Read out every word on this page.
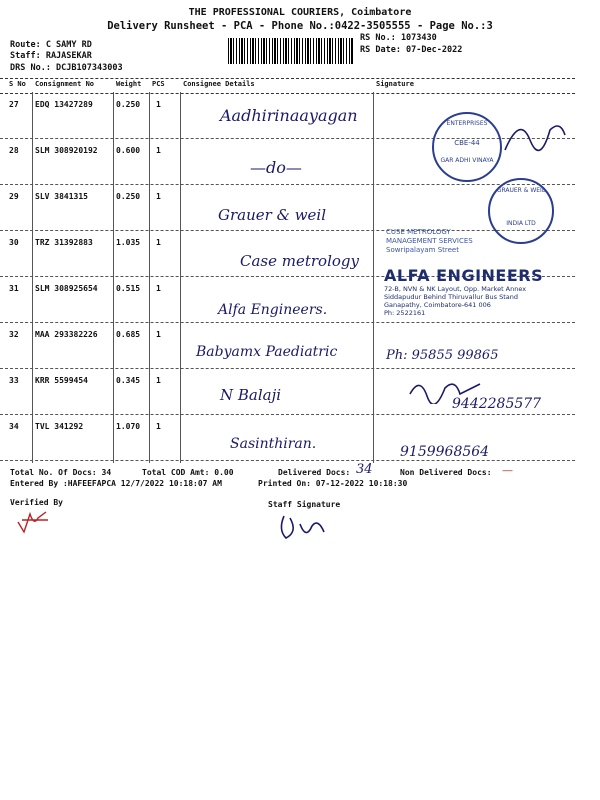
THE PROFESSIONAL COURIERS, Coimbatore
Delivery Runsheet - PCA - Phone No.:0422-3505555 - Page No.:3
Route: C SAMY RD
Staff: RAJASEKAR
DRS No.: DCJB107343003
RS No.: 1073430
RS Date: 07-Dec-2022
S No Consignment No	Weight PCS	Consignee Details	Signature
27 EDQ 13427289	0.250 1
Aadhirinaayagan
28 SLM 308920192 0.600 1
—do—
29 SLV 3841315	0.250 1
Grauer & weil
30 TRZ 31392883	1.035 1
Case metrology
31 SLM 308925654 0.515 1
Alfa Engineers.
32 MAA 293382226 0.685 1
Babyamx Paediatric	Ph: 95855 99865
33 KRR 5599454	0.345 1
N Balaji	9442285577
34 TVL 341292	1.070 1
Sasinthiran.	9159968564
ENTERPRISES
CBE-44
GAR ADHI VINAYA
GRAUER & WEIL
INDIA LTD
CUSE METROLOGY
MANAGEMENT SERVICES
Sowripalayam Street
ALFA ENGINEERS
72-B, NVN & NK Layout, Opp. Market Annex
Siddapudur Behind Thiruvallur Bus Stand
Ganapathy, Coimbatore-641 006
Ph: 2522161
Total No. Of Docs: 34	Total COD Amt: 0.00	Delivered Docs: 34	Non Delivered Docs: —
Entered By :HAFEEFAPCA 12/7/2022 10:18:07 AM	Printed On: 07-12-2022 10:18:30
Verified By	Staff Signature
